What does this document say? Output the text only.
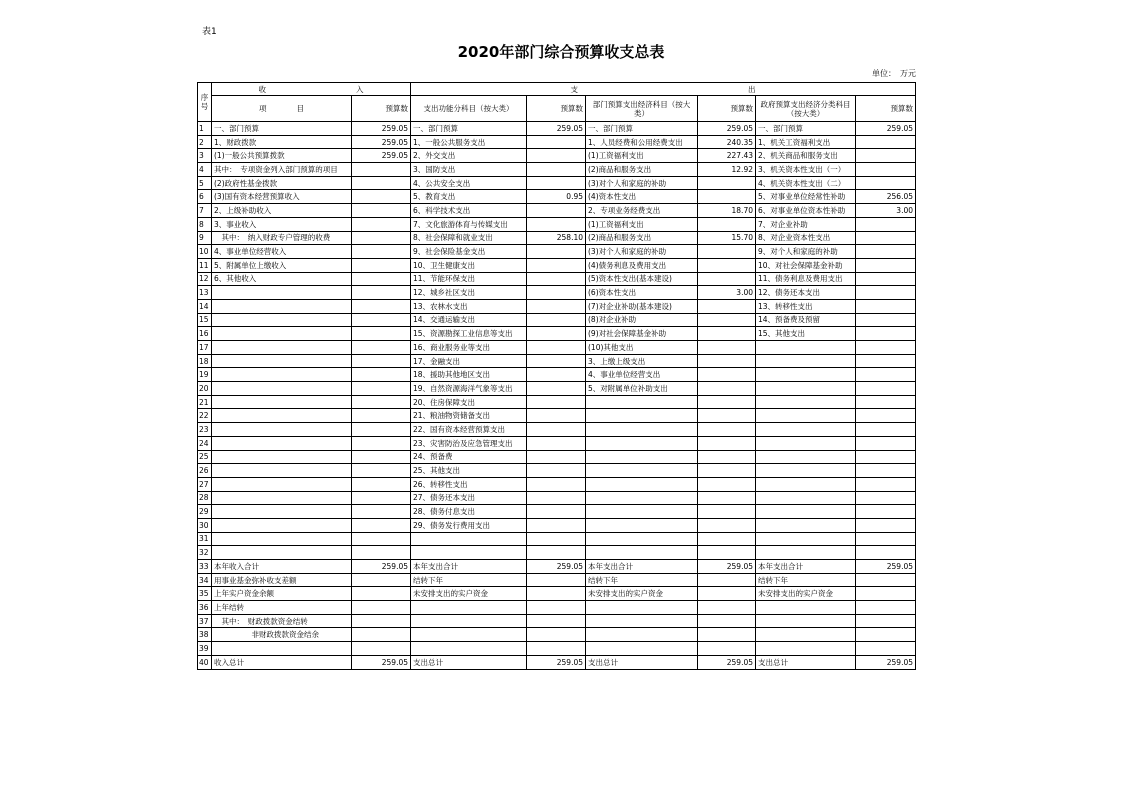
表1
2020年部门综合预算收支总表
单位：　万元
序号	收 入		支 出					
	项 目	预算数	支出功能分科目（按大类）	预算数	部门预算支出经济科目（按大类）	预算数	政府预算支出经济分类科目（按大类）	预算数
1	一、部门预算	259.05	一、部门预算	259.05	一、部门预算	259.05	一、部门预算	259.05
2	1、财政拨款	259.05	1、一般公共服务支出		1、人员经费和公用经费支出	240.35	1、机关工资福利支出	
3	(1)一般公共预算拨款	259.05	2、外交支出		(1)工资福利支出	227.43	2、机关商品和服务支出	
4	其中：　专项资金列入部门预算的项目		3、国防支出		(2)商品和服务支出	12.92	3、机关资本性支出（一）	
5	(2)政府性基金拨款		4、公共安全支出		(3)对个人和家庭的补助		4、机关资本性支出（二）	
6	(3)国有资本经营预算收入		5、教育支出	0.95	(4)资本性支出		5、对事业单位经常性补助	256.05
7	2、上级补助收入		6、科学技术支出		2、专项业务经费支出	18.70	6、对事业单位资本性补助	3.00
8	3、事业收入		7、文化旅游体育与传媒支出		(1)工资福利支出		7、对企业补助	
9	　其中：　纳入财政专户管理的收费		8、社会保障和就业支出	258.10	(2)商品和服务支出	15.70	8、对企业资本性支出	
10	4、事业单位经营收入		9、社会保险基金支出		(3)对个人和家庭的补助		9、对个人和家庭的补助	
11	5、附属单位上缴收入		10、卫生健康支出		(4)债务利息及费用支出		10、对社会保障基金补助	
12	6、其他收入		11、节能环保支出		(5)资本性支出(基本建设)		11、债务利息及费用支出	
13			12、城乡社区支出		(6)资本性支出	3.00	12、债务还本支出	
14			13、农林水支出		(7)对企业补助(基本建设)		13、转移性支出	
15			14、交通运输支出		(8)对企业补助		14、预备费及预留	
16			15、资源勘探工业信息等支出		(9)对社会保障基金补助		15、其他支出	
17			16、商业服务业等支出		(10)其他支出			
18			17、金融支出		3、上缴上级支出			
19			18、援助其他地区支出		4、事业单位经营支出			
20			19、自然资源海洋气象等支出		5、对附属单位补助支出			
21			20、住房保障支出					
22			21、粮油物资储备支出					
23			22、国有资本经营预算支出					
24			23、灾害防治及应急管理支出					
25			24、预备费					
26			25、其他支出					
27			26、转移性支出					
28			27、债务还本支出					
29			28、债务付息支出					
30			29、债务发行费用支出					
31								
32								
33	本年收入合计	259.05	本年支出合计	259.05	本年支出合计	259.05	本年支出合计	259.05
34	用事业基金弥补收支差额		结转下年		结转下年		结转下年	
35	上年实户资金余额		未安排支出的实户资金		未安排支出的实户资金		未安排支出的实户资金	
36	上年结转							
37	　其中：　财政拨款资金结转							
38	　　　　　非财政拨款资金结余							
39								
40	收入总计	259.05	支出总计	259.05	支出总计	259.05	支出总计	259.05
